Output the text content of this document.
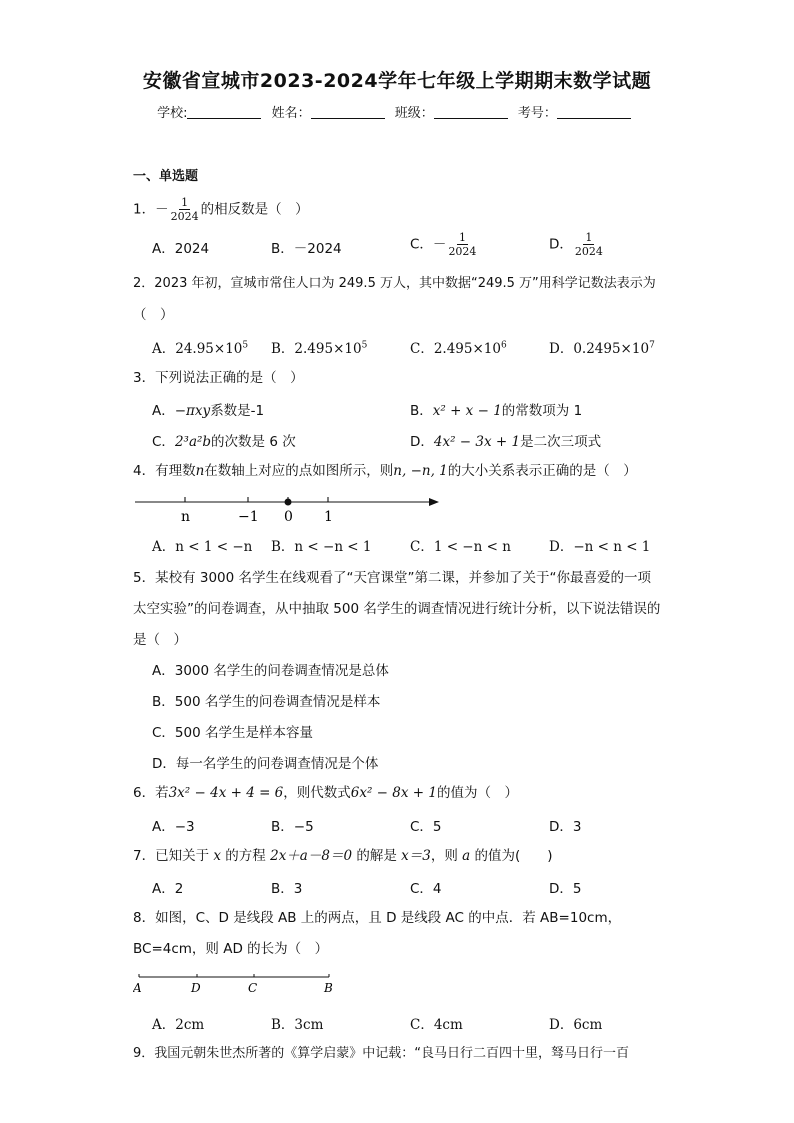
安徽省宣城市2023-2024学年七年级上学期期末数学试题
学校:	姓名：	班级：	考号：
一、单选题
1．－ $\frac{1}{2024}$ 的相反数是（　）
A．2024	B．－2024	C．－ $\frac{1}{2024}$	D． $\frac{1}{2024}$
2．2023 年初，宣城市常住人口为 249.5 万人，其中数据“249.5 万”用科学记数法表示为
（　）
A．$24.95\times 10^5$ B．$2.495\times 10^5$	C．$2.495\times 10^6$	D．$0.2495\times 10^7$
3．下列说法正确的是（　）
A．−πxy系数是-1	B．x² + x − 1的常数项为 1
C．2³a²b的次数是 6 次	D．4x² − 3x + 1是二次三项式
4．有理数n在数轴上对应的点如图所示，则n, −n, 1的大小关系表示正确的是（　）
n	−1 0 1
A．n < 1 < −n B．n < −n < 1	C．1 < −n < n	D．−n < n < 1
5．某校有 3000 名学生在线观看了“天宫课堂”第二课，并参加了关于“你最喜爱的一项太空实验”的问卷调查，从中抽取 500 名学生的调查情况进行统计分析，以下说法错误的是（　）
A．3000 名学生的问卷调查情况是总体
B．500 名学生的问卷调查情况是样本
C．500 名学生是样本容量
D．每一名学生的问卷调查情况是个体
6．若3x² − 4x + 4 = 6，则代数式6x² − 8x + 1的值为（　）
A．−3	B．−5	C．5	D．3
7．已知关于 x 的方程 2x＋a－8＝0 的解是 x＝3，则 a 的值为(　　)
A．2	B．3	C．4	D．5
8．如图，C、D 是线段 AB 上的两点，且 D 是线段 AC 的中点．若 AB=10cm，
BC=4cm，则 AD 的长为（　）
A	D	C	B
A．2cm	B．3cm	C．4cm	D．6cm
9．我国元朝朱世杰所著的《算学启蒙》中记载：“良马日行二百四十里，驽马日行一百
